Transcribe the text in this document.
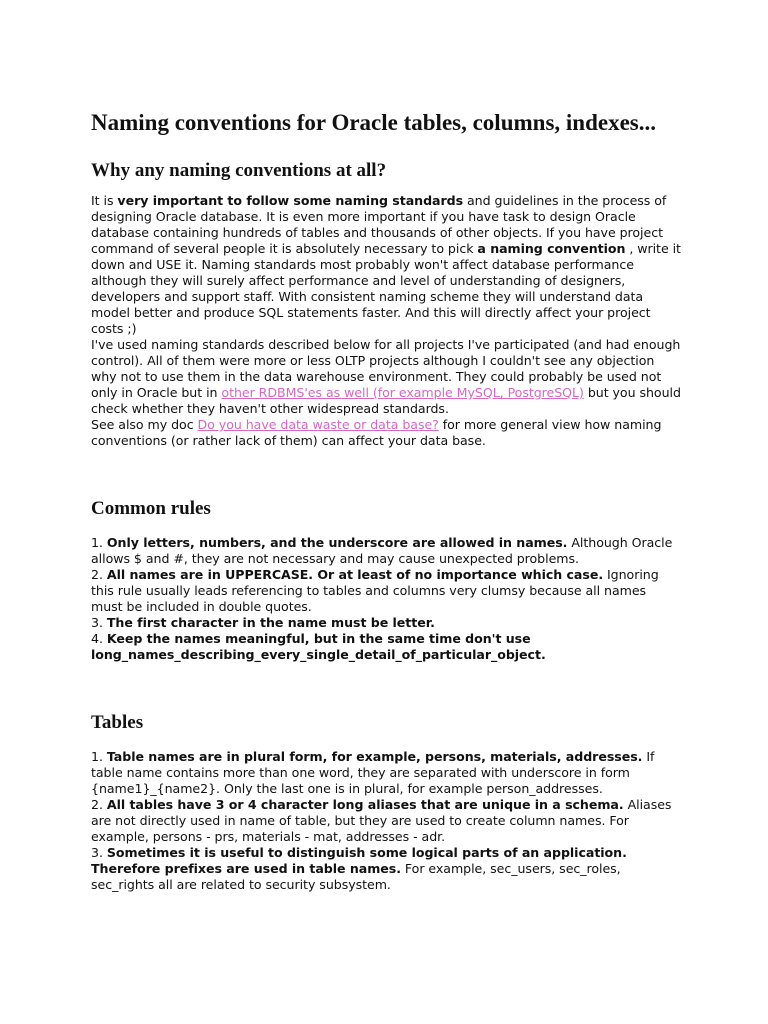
Naming conventions for Oracle tables, columns, indexes...
Why any naming conventions at all?

It is very important to follow some naming standards and guidelines in the process of designing Oracle database. It is even more important if you have task to design Oracle database containing hundreds of tables and thousands of other objects. If you have project command of several people it is absolutely necessary to pick a naming convention , write it down and USE it. Naming standards most probably won't affect database performance although they will surely affect performance and level of understanding of designers, developers and support staff. With consistent naming scheme they will understand data model better and produce SQL statements faster. And this will directly affect your project costs ;)

I've used naming standards described below for all projects I've participated (and had enough control). All of them were more or less OLTP projects although I couldn't see any objection why not to use them in the data warehouse environment. They could probably be used not only in Oracle but in other RDBMS'es as well (for example MySQL, PostgreSQL) but you should check whether they haven't other widespread standards.

See also my doc Do you have data waste or data base? for more general view how naming conventions (or rather lack of them) can affect your data base.

Common rules

1. Only letters, numbers, and the underscore are allowed in names. Although Oracle allows $ and #, they are not necessary and may cause unexpected problems.

2. All names are in UPPERCASE. Or at least of no importance which case. Ignoring this rule usually leads referencing to tables and columns very clumsy because all names must be included in double quotes.

3. The first character in the name must be letter.

4. Keep the names meaningful, but in the same time don't use long_names_describing_every_single_detail_of_particular_object.

Tables

1. Table names are in plural form, for example, persons, materials, addresses. If table name contains more than one word, they are separated with underscore in form {name1}_{name2}. Only the last one is in plural, for example person_addresses.

2. All tables have 3 or 4 character long aliases that are unique in a schema. Aliases are not directly used in name of table, but they are used to create column names. For example, persons - prs, materials - mat, addresses - adr.

3. Sometimes it is useful to distinguish some logical parts of an application. Therefore prefixes are used in table names. For example, sec_users, sec_roles, sec_rights all are related to security subsystem.
